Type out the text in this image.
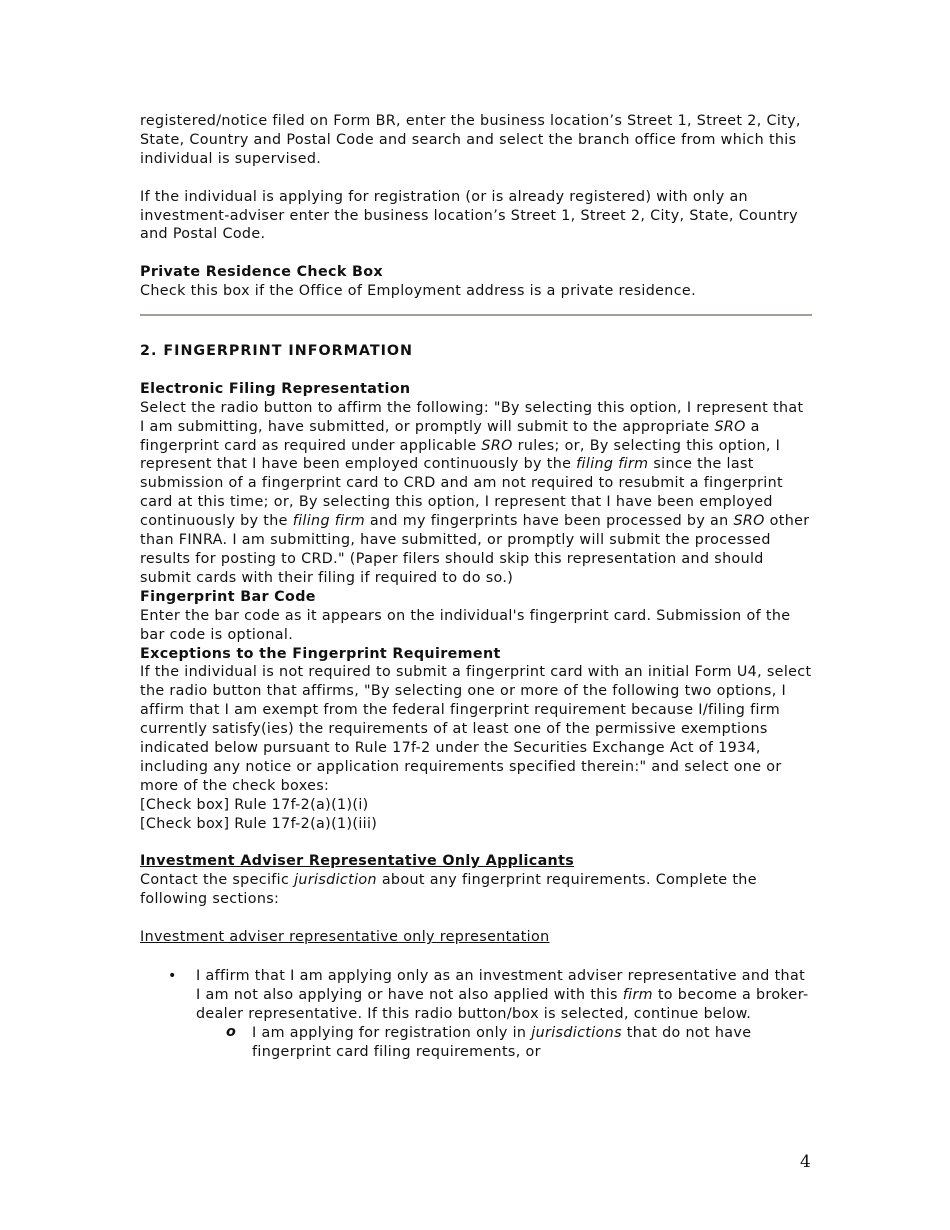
registered/notice filed on Form BR, enter the business location’s Street 1, Street 2, City, State, Country and Postal Code and search and select the branch office from which this individual is supervised.

If the individual is applying for registration (or is already registered) with only an investment-adviser enter the business location’s Street 1, Street 2, City, State, Country and Postal Code.

Private Residence Check Box

Check this box if the Office of Employment address is a private residence.

2. FINGERPRINT INFORMATION

Electronic Filing Representation

Select the radio button to affirm the following: "By selecting this option, I represent that I am submitting, have submitted, or promptly will submit to the appropriate SRO a fingerprint card as required under applicable SRO rules; or, By selecting this option, I represent that I have been employed continuously by the filing firm since the last submission of a fingerprint card to CRD and am not required to resubmit a fingerprint card at this time; or, By selecting this option, I represent that I have been employed continuously by the filing firm and my fingerprints have been processed by an SRO other than FINRA. I am submitting, have submitted, or promptly will submit the processed results for posting to CRD." (Paper filers should skip this representation and should submit cards with their filing if required to do so.)

Fingerprint Bar Code

Enter the bar code as it appears on the individual's fingerprint card. Submission of the bar code is optional.

Exceptions to the Fingerprint Requirement

If the individual is not required to submit a fingerprint card with an initial Form U4, select the radio button that affirms, "By selecting one or more of the following two options, I affirm that I am exempt from the federal fingerprint requirement because I/filing firm currently satisfy(ies) the requirements of at least one of the permissive exemptions indicated below pursuant to Rule 17f-2 under the Securities Exchange Act of 1934, including any notice or application requirements specified therein:" and select one or more of the check boxes:

[Check box] Rule 17f-2(a)(1)(i)

[Check box] Rule 17f-2(a)(1)(iii)

Investment Adviser Representative Only Applicants

Contact the specific jurisdiction about any fingerprint requirements. Complete the following sections:

Investment adviser representative only representation

• I affirm that I am applying only as an investment adviser representative and that I am not also applying or have not also applied with this firm to become a broker-dealer representative. If this radio button/box is selected, continue below.
o I am applying for registration only in jurisdictions that do not have fingerprint card filing requirements, or
4
